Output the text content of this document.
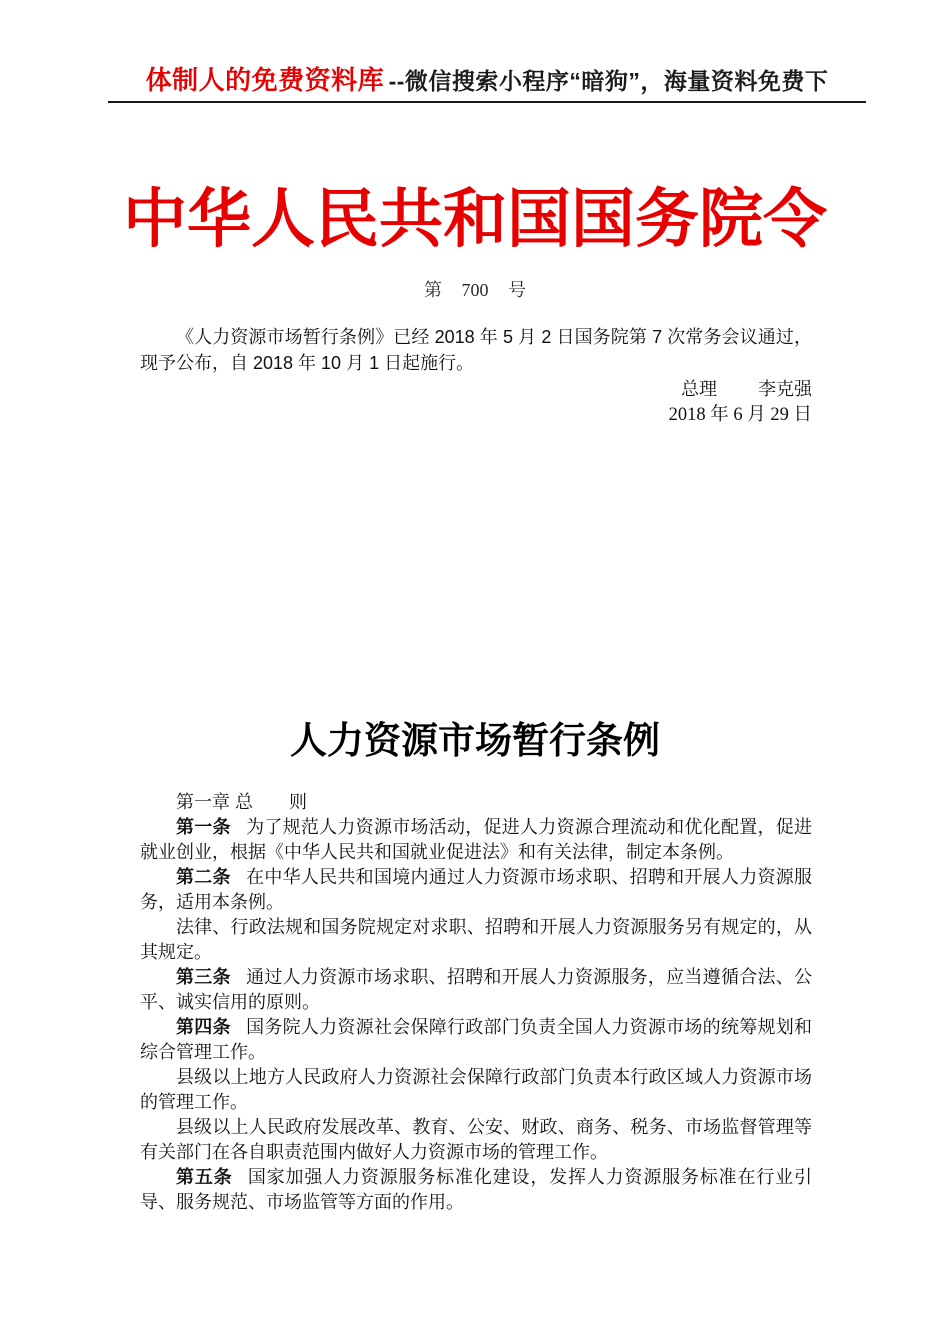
体制人的免费资料库 --微信搜索小程序“暗狗”，海量资料免费下
中华人民共和国国务院令
第 700 号

《人力资源市场暂行条例》已经 2018 年 5 月 2 日国务院第 7 次常务会议通过，现予公布，自 2018 年 10 月 1 日起施行。

总理 李克强
2018 年 6 月 29 日
人力资源市场暂行条例

第一章 总　　则

第一条 为了规范人力资源市场活动，促进人力资源合理流动和优化配置，促进就业创业，根据《中华人民共和国就业促进法》和有关法律，制定本条例。

第二条 在中华人民共和国境内通过人力资源市场求职、招聘和开展人力资源服务，适用本条例。

法律、行政法规和国务院规定对求职、招聘和开展人力资源服务另有规定的，从其规定。

第三条 通过人力资源市场求职、招聘和开展人力资源服务，应当遵循合法、公平、诚实信用的原则。

第四条 国务院人力资源社会保障行政部门负责全国人力资源市场的统筹规划和综合管理工作。

县级以上地方人民政府人力资源社会保障行政部门负责本行政区域人力资源市场的管理工作。

县级以上人民政府发展改革、教育、公安、财政、商务、税务、市场监督管理等有关部门在各自职责范围内做好人力资源市场的管理工作。

第五条 国家加强人力资源服务标准化建设，发挥人力资源服务标准在行业引导、服务规范、市场监管等方面的作用。
